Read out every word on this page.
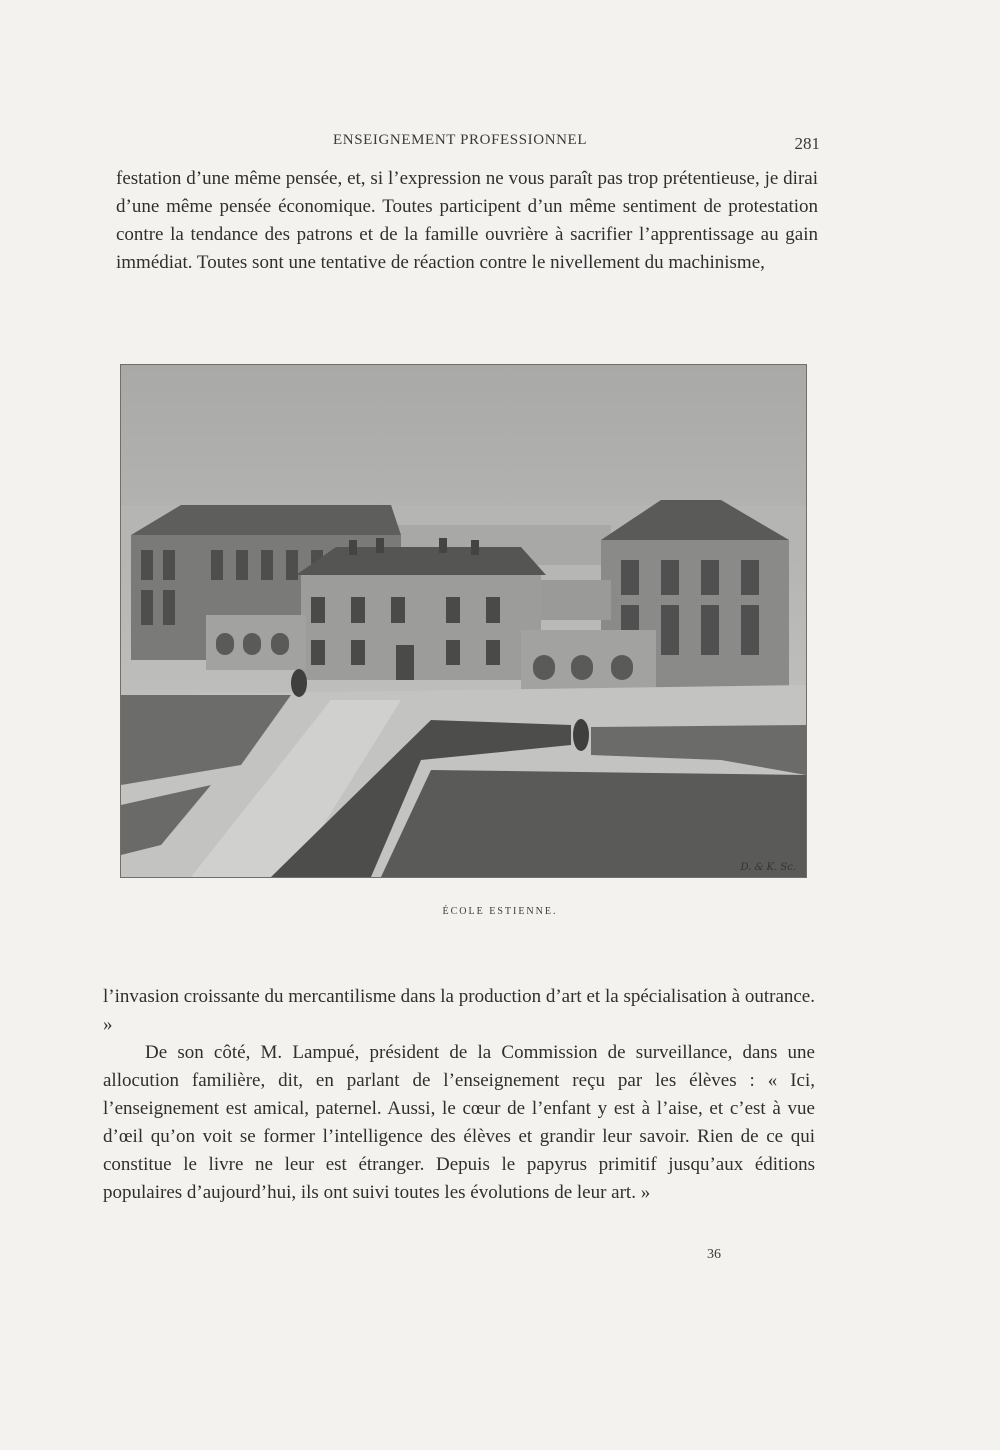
ENSEIGNEMENT PROFESSIONNEL	281

festation d’une même pensée, et, si l’expression ne vous paraît pas trop prétentieuse, je dirai d’une même pensée économique. Toutes participent d’un même sentiment de protestation contre la tendance des patrons et de la famille ouvrière à sacrifier l’apprentissage au gain immédiat. Toutes sont une tentative de réaction contre le nivellement du machinisme,

D. & K. Sc.
ÉCOLE ESTIENNE.

l’invasion croissante du mercantilisme dans la production d’art et la spécialisation à outrance. »

De son côté, M. Lampué, président de la Commission de surveillance, dans une allocution familière, dit, en parlant de l’enseignement reçu par les élèves : « Ici, l’enseignement est amical, paternel. Aussi, le cœur de l’enfant y est à l’aise, et c’est à vue d’œil qu’on voit se former l’intelligence des élèves et grandir leur savoir. Rien de ce qui constitue le livre ne leur est étranger. Depuis le papyrus primitif jusqu’aux éditions populaires d’aujourd’hui, ils ont suivi toutes les évolutions de leur art. »

36
